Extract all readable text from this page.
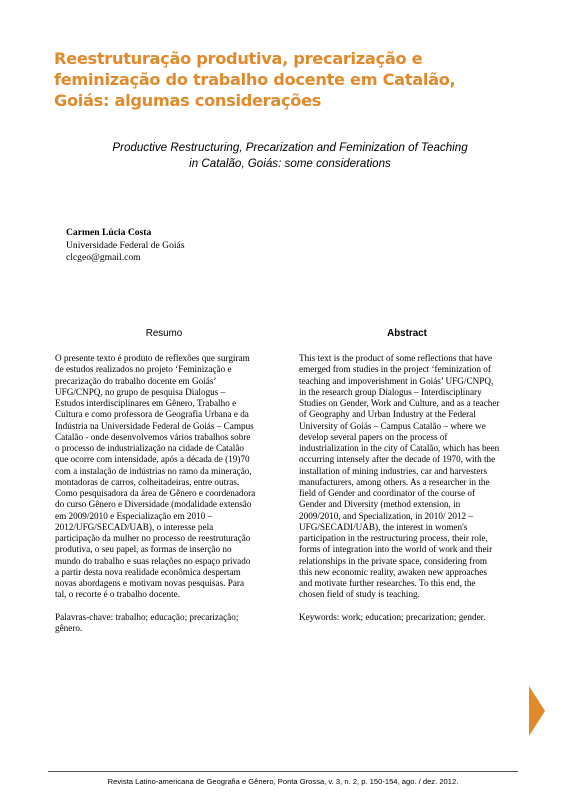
Reestruturação produtiva, precarização e
feminização do trabalho docente em Catalão,
Goiás: algumas considerações
Productive Restructuring, Precarization and Feminization of Teaching
in Catalão, Goiás: some considerations
Carmen Lúcia Costa
Universidade Federal de Goiás
clcgeo@gmail.com
Resumo
O presente texto é produto de reflexões que surgiram
de estudos realizados no projeto ‘Feminização e
precarização do trabalho docente em Goiás’
UFG/CNPQ, no grupo de pesquisa Dialogus –
Estudos interdisciplinares em Gênero, Trabalho e
Cultura e como professora de Geografia Urbana e da
Indústria na Universidade Federal de Goiás – Campus
Catalão - onde desenvolvemos vários trabalhos sobre
o processo de industrialização na cidade de Catalão
que ocorre com intensidade, após a década de (19)70
com a instalação de indústrias no ramo da mineração,
montadoras de carros, colheitadeiras, entre outras.
Como pesquisadora da área de Gênero e coordenadora
do curso Gênero e Diversidade (modalidade extensão
em 2009/2010 e Especialização em 2010 –
2012/UFG/SECAD/UAB), o interesse pela
participação da mulher no processo de reestruturação
produtiva, o seu papel, as formas de inserção no
mundo do trabalho e suas relações no espaço privado
a partir desta nova realidade econômica despertam
novas abordagens e motivam novas pesquisas. Para
tal, o recorte é o trabalho docente.
Palavras-chave: trabalho; educação; precarização;
gênero.
Abstract
This text is the product of some reflections that have
emerged from studies in the project ‘feminization of
teaching and impoverishment in Goiás’ UFG/CNPQ,
in the research group Dialogus – Interdisciplinary
Studies on Gender, Work and Culture, and as a teacher
of Geography and Urban Industry at the Federal
University of Goiás – Campus Catalão – where we
develop several papers on the process of
industrialization in the city of Catalão, which has been
occurring intensely after the decade of 1970, with the
installation of mining industries, car and harvesters
manufacturers, among others. As a researcher in the
field of Gender and coordinator of the course of
Gender and Diversity (method extension, in
2009/2010, and Specialization, in 2010/ 2012 –
UFG/SECADI/UAB), the interest in women's
participation in the restructuring process, their role,
forms of integration into the world of work and their
relationships in the private space, considering from
this new economic reality, awaken new approaches
and motivate further researches. To this end, the
chosen field of study is teaching.
Keywords: work; education; precarization; gender.
Revista Latino-americana de Geografia e Gênero, Ponta Grossa, v. 3, n. 2, p. 150-154, ago. / dez. 2012.
